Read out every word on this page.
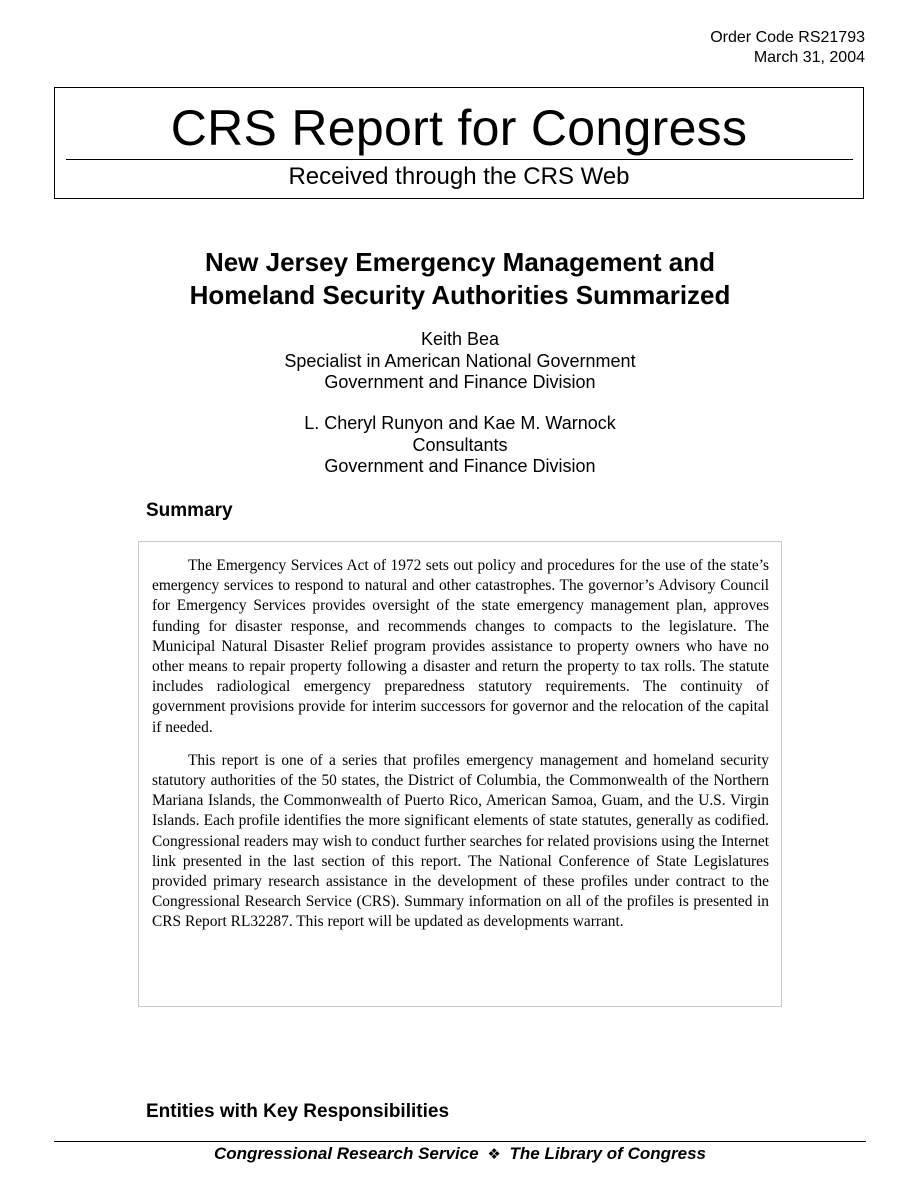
Order Code RS21793
March 31, 2004
CRS Report for Congress
Received through the CRS Web
New Jersey Emergency Management and
Homeland Security Authorities Summarized
Keith Bea
Specialist in American National Government
Government and Finance Division
L. Cheryl Runyon and Kae M. Warnock
Consultants
Government and Finance Division
Summary

The Emergency Services Act of 1972 sets out policy and procedures for the use of the state’s emergency services to respond to natural and other catastrophes. The governor’s Advisory Council for Emergency Services provides oversight of the state emergency management plan, approves funding for disaster response, and recommends changes to compacts to the legislature. The Municipal Natural Disaster Relief program provides assistance to property owners who have no other means to repair property following a disaster and return the property to tax rolls. The statute includes radiological emergency preparedness statutory requirements. The continuity of government provisions provide for interim successors for governor and the relocation of the capital if needed.

This report is one of a series that profiles emergency management and homeland security statutory authorities of the 50 states, the District of Columbia, the Commonwealth of the Northern Mariana Islands, the Commonwealth of Puerto Rico, American Samoa, Guam, and the U.S. Virgin Islands. Each profile identifies the more significant elements of state statutes, generally as codified. Congressional readers may wish to conduct further searches for related provisions using the Internet link presented in the last section of this report. The National Conference of State Legislatures provided primary research assistance in the development of these profiles under contract to the Congressional Research Service (CRS). Summary information on all of the profiles is presented in CRS Report RL32287. This report will be updated as developments warrant.

Entities with Key Responsibilities
Congressional Research Service ❖ The Library of Congress
